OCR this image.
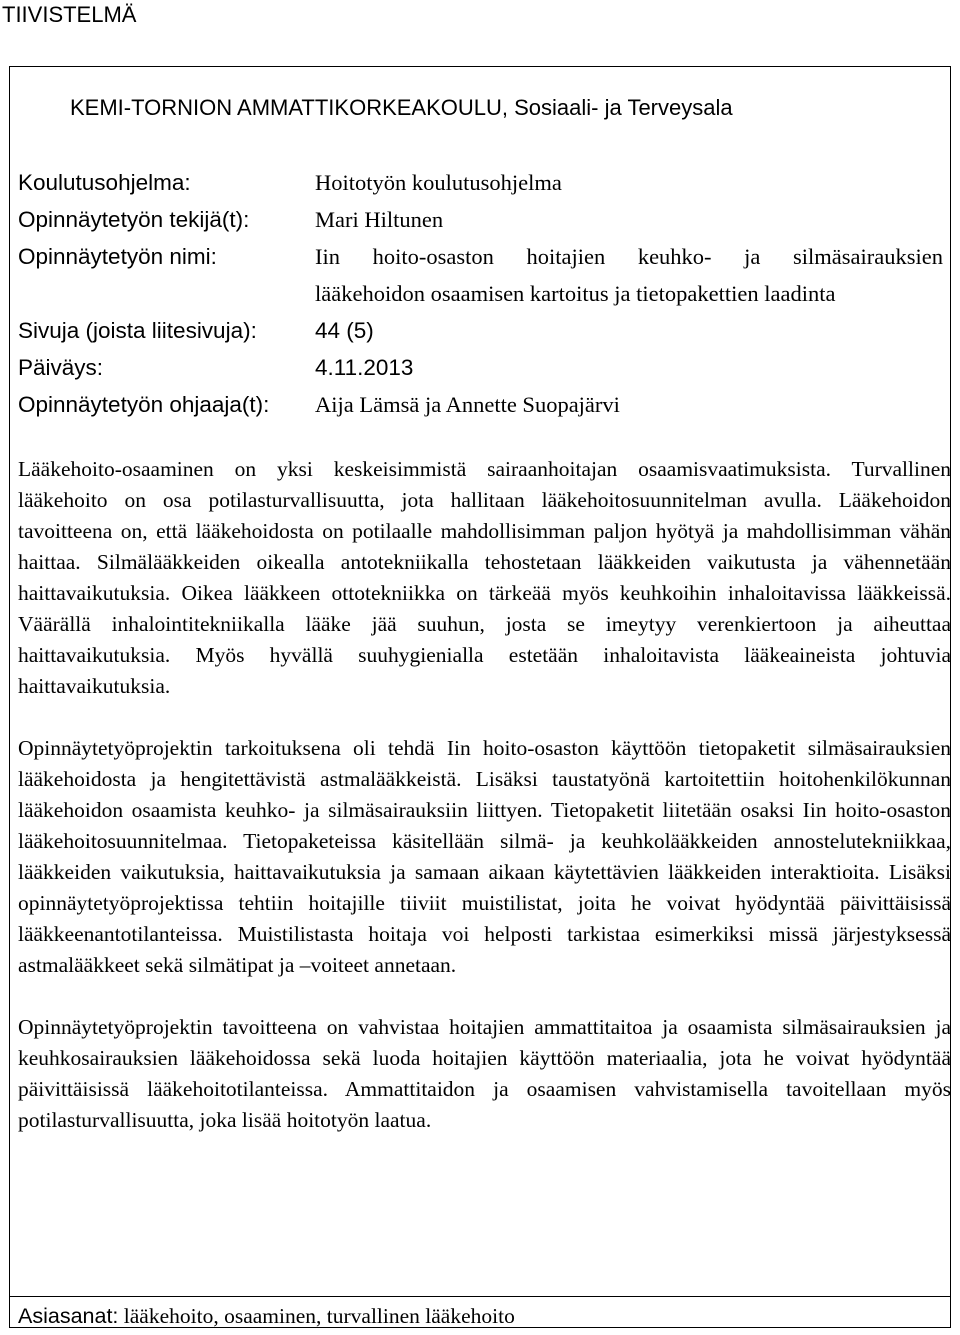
TIIVISTELMÄ
KEMI-TORNION AMMATTIKORKEAKOULU, Sosiaali- ja Terveysala
Koulutusohjelma:	Hoitotyön koulutusohjelma
Opinnäytetyön tekijä(t):	Mari Hiltunen
Opinnäytetyön nimi:	Iin hoito-osaston hoitajien keuhko- ja silmäsairauksien
lääkehoidon osaamisen kartoitus ja tietopakettien laadinta
Sivuja (joista liitesivuja):	44 (5)
Päiväys:	4.11.2013
Opinnäytetyön ohjaaja(t): Aija Lämsä ja Annette Suopajärvi

Lääkehoito-osaaminen on yksi keskeisimmistä sairaanhoitajan osaamisvaatimuksista. Turvallinen lääkehoito on osa potilasturvallisuutta, jota hallitaan lääkehoitosuunnitelman avulla. Lääkehoidon tavoitteena on, että lääkehoidosta on potilaalle mahdollisimman paljon hyötyä ja mahdollisimman vähän haittaa. Silmälääkkeiden oikealla antotekniikalla tehostetaan lääkkeiden vaikutusta ja vähennetään haittavaikutuksia. Oikea lääkkeen ottotekniikka on tärkeää myös keuhkoihin inhaloitavissa lääkkeissä. Väärällä inhalointitekniikalla lääke jää suuhun, josta se imeytyy verenkiertoon ja aiheuttaa haittavaikutuksia. Myös hyvällä suuhygienialla estetään inhaloitavista lääkeaineista johtuvia haittavaikutuksia.

Opinnäytetyöprojektin tarkoituksena oli tehdä Iin hoito-osaston käyttöön tietopaketit silmäsairauksien lääkehoidosta ja hengitettävistä astmalääkkeistä. Lisäksi taustatyönä kartoitettiin hoitohenkilökunnan lääkehoidon osaamista keuhko- ja silmäsairauksiin liittyen. Tietopaketit liitetään osaksi Iin hoito-osaston lääkehoitosuunnitelmaa. Tietopaketeissa käsitellään silmä- ja keuhkolääkkeiden annostelutekniikkaa, lääkkeiden vaikutuksia, haittavaikutuksia ja samaan aikaan käytettävien lääkkeiden interaktioita. Lisäksi opinnäytetyöprojektissa tehtiin hoitajille tiiviit muistilistat, joita he voivat hyödyntää päivittäisissä lääkkeenantotilanteissa. Muistilistasta hoitaja voi helposti tarkistaa esimerkiksi missä järjestyksessä astmalääkkeet sekä silmätipat ja –voiteet annetaan.

Opinnäytetyöprojektin tavoitteena on vahvistaa hoitajien ammattitaitoa ja osaamista silmäsairauksien ja keuhkosairauksien lääkehoidossa sekä luoda hoitajien käyttöön materiaalia, jota he voivat hyödyntää päivittäisissä lääkehoitotilanteissa. Ammattitaidon ja osaamisen vahvistamisella tavoitellaan myös potilasturvallisuutta, joka lisää hoitotyön laatua.

Asiasanat: lääkehoito, osaaminen, turvallinen lääkehoito
